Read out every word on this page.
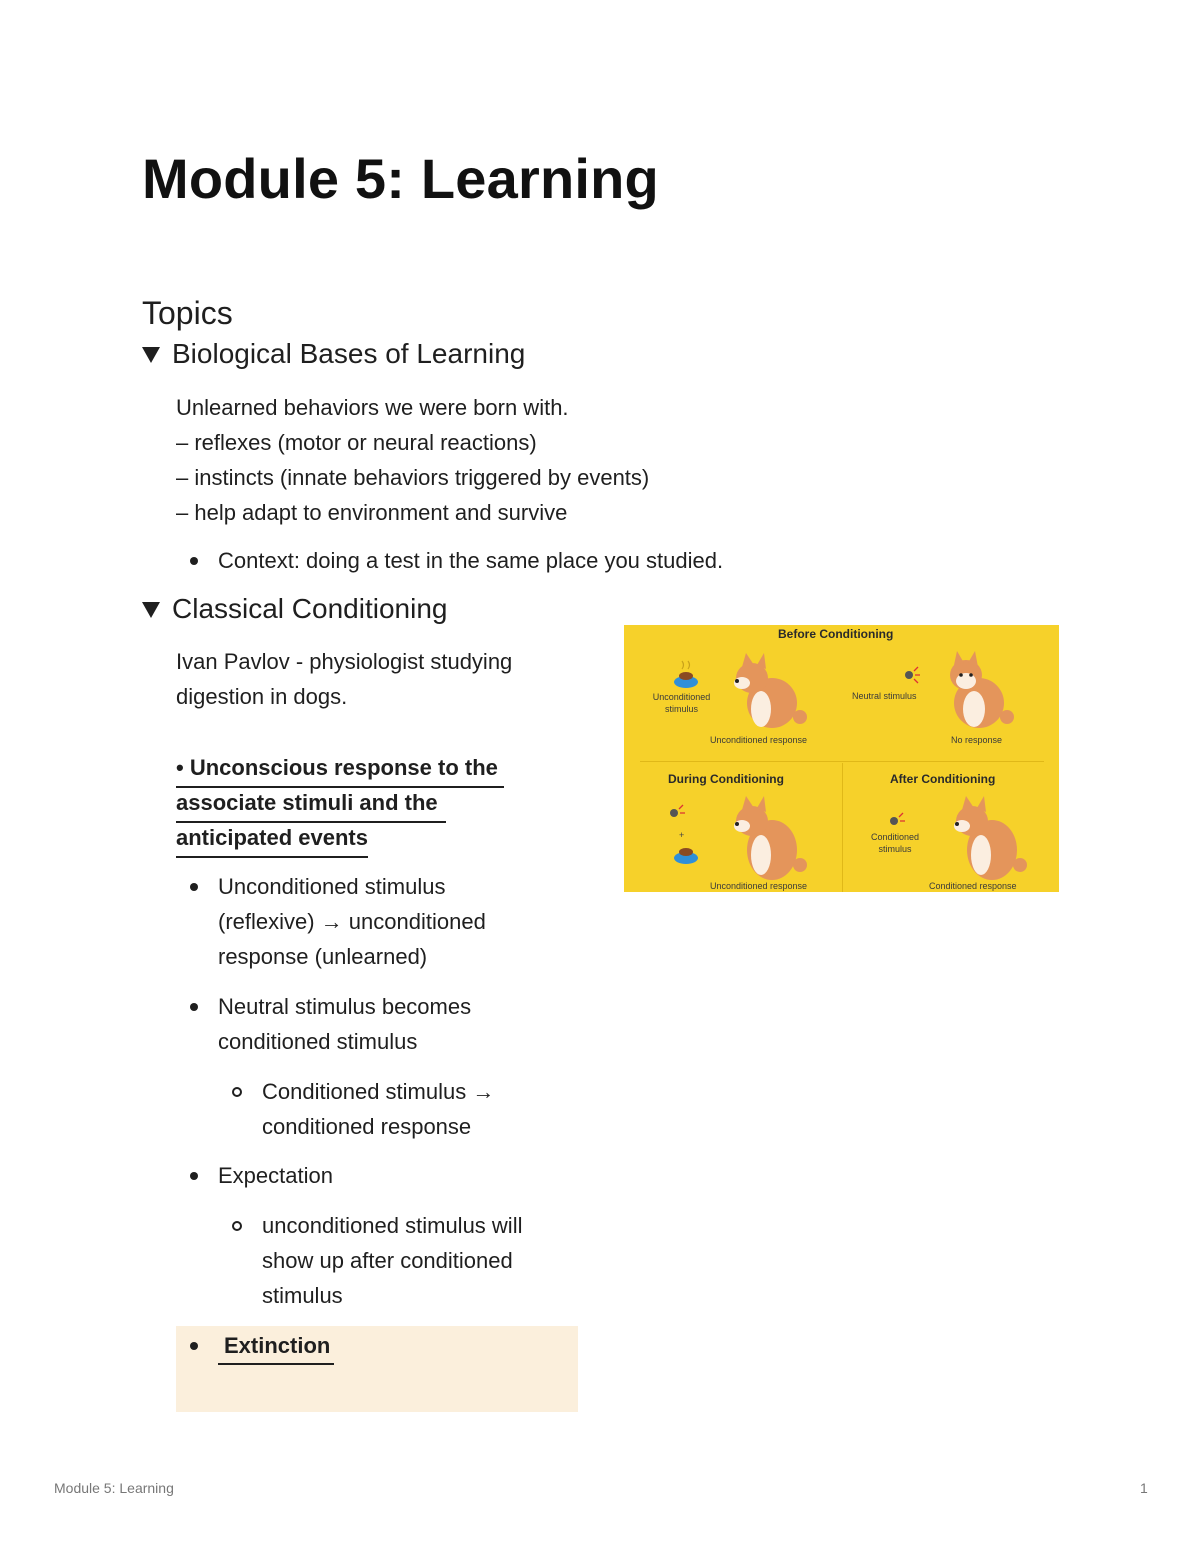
Module 5: Learning
Topics
Biological Bases of Learning

Unlearned behaviors we were born with.

– reflexes (motor or neural reactions)

– instincts (innate behaviors triggered by events)

– help adapt to environment and survive

Context: doing a test in the same place you studied.
Classical Conditioning

Ivan Pavlov - physiologist studying

digestion in dogs.

• Unconscious response to the

associate stimuli and the

anticipated events

Unconditioned stimulus
(reflexive) → unconditioned
response (unlearned)
Neutral stimulus becomes
conditioned stimulus
Conditioned stimulus →
conditioned response
Expectation
unconditioned stimulus will
show up after conditioned
stimulus
Extinction
Before Conditioning
During Conditioning	After Conditioning
+
Unconditioned stimulus
Neutral stimulus
Unconditioned response	No response
Conditioned stimulus
Unconditioned response	Conditioned response
Module 5: Learning	1
